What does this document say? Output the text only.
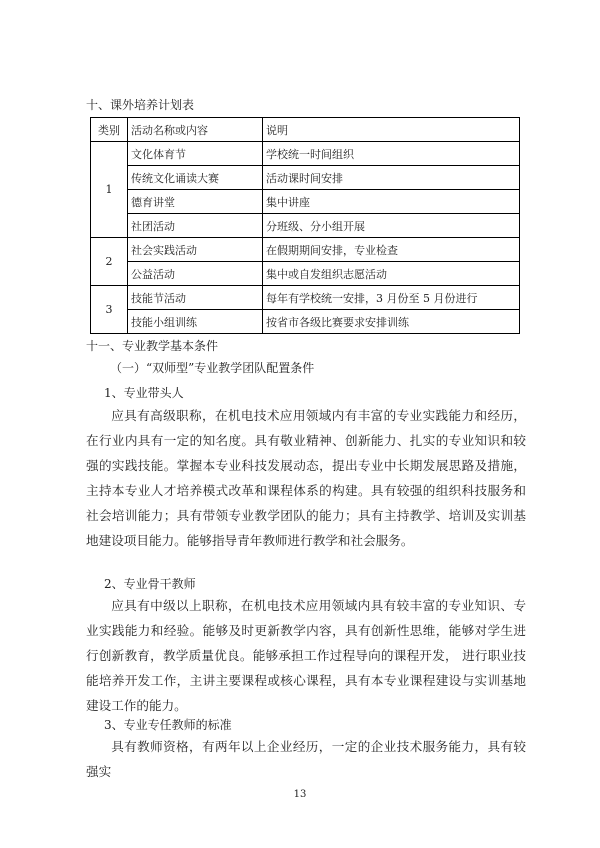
十、课外培养计划表
类别	活动名称或内容	说明
1	文化体育节	学校统一时间组织
	传统文化诵读大赛	活动课时间安排
	德育讲堂	集中讲座
	社团活动	分班级、分小组开展
2	社会实践活动	在假期期间安排，专业检查
	公益活动	集中或自发组织志愿活动
3	技能节活动	每年有学校统一安排，3 月份至 5 月份进行
	技能小组训练	按省市各级比赛要求安排训练
十一、专业教学基本条件
（一）“双师型”专业教学团队配置条件
1、专业带头人
应具有高级职称，在机电技术应用领域内有丰富的专业实践能力和经历，在行业内具有一定的知名度。具有敬业精神、创新能力、扎实的专业知识和较强的实践技能。掌握本专业科技发展动态，提出专业中长期发展思路及措施，主持本专业人才培养模式改革和课程体系的构建。具有较强的组织科技服务和社会培训能力；具有带领专业教学团队的能力；具有主持教学、培训及实训基地建设项目能力。能够指导青年教师进行教学和社会服务。
2、专业骨干教师
应具有中级以上职称，在机电技术应用领域内具有较丰富的专业知识、专业实践能力和经验。能够及时更新教学内容，具有创新性思维，能够对学生进行创新教育，教学质量优良。能够承担工作过程导向的课程开发， 进行职业技能培养开发工作，主讲主要课程或核心课程，具有本专业课程建设与实训基地建设工作的能力。
3、专业专任教师的标准
具有教师资格，有两年以上企业经历，一定的企业技术服务能力，具有较强实
13
